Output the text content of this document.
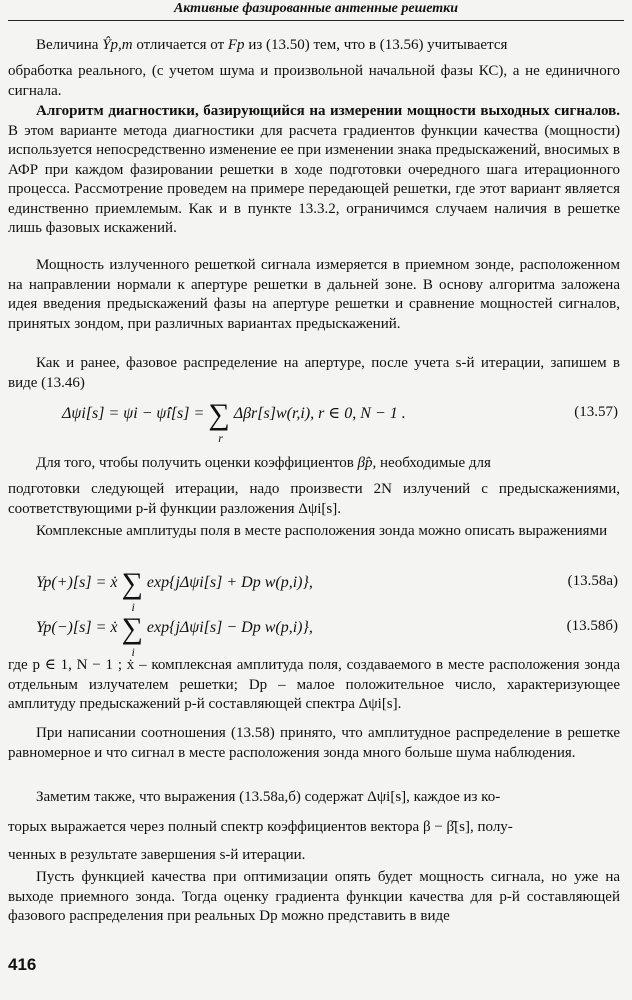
Активные фазированные антенные решетки
Величина Ŷp,m отличается от Fp из (13.50) тем, что в (13.56) учитывается
обработка реального, (с учетом шума и произвольной начальной фазы КС), а не единичного сигнала.
Алгоритм диагностики, базирующийся на измерении мощности выходных сигналов. В этом варианте метода диагностики для расчета градиентов функции качества (мощности) используется непосредственно изменение ее при изменении знака предыскажений, вносимых в АФР при каждом фазировании решетки в ходе подготовки очередного шага итерационного процесса. Рассмотрение проведем на примере передающей решетки, где этот вариант является единственно приемлемым. Как и в пункте 13.3.2, ограничимся случаем наличия в решетке лишь фазовых искажений.
Мощность излученного решеткой сигнала измеряется в приемном зонде, расположенном на направлении нормали к апертуре решетки в дальней зоне. В основу алгоритма заложена идея введения предыскажений фазы на апертуре решетки и сравнение мощностей сигналов, принятых зондом, при различных вариантах предыскажений.
Как и ранее, фазовое распределение на апертуре, после учета s-й итерации, запишем в виде (13.46)
Δψi[s] = ψi − ψ̂i[s] = ∑
r
Δβr[s]w(r,i), r ∈ 0, N − 1 .	(13.57)
Для того, чтобы получить оценки коэффициентов β̂p, необходимые для
подготовки следующей итерации, надо произвести 2N излучений с предыскажениями, соответствующими p-й функции разложения Δψi[s].
Комплексные амплитуды поля в месте расположения зонда можно описать выражениями
Yp(+)[s] = ẋ ∑
i
exp{jΔψi[s] + Dp w(p,i)},	(13.58a)
Yp(−)[s] = ẋ ∑
i
exp{jΔψi[s] − Dp w(p,i)},	(13.58б)
где p ∈ 1, N − 1 ; ẋ – комплексная амплитуда поля, создаваемого в месте расположения зонда отдельным излучателем решетки; Dp – малое положительное число, характеризующее амплитуду предыскажений p-й составляющей спектра Δψi[s].
При написании соотношения (13.58) принято, что амплитудное распределение в решетке равномерное и что сигнал в месте расположения зонда много больше шума наблюдения.
Заметим также, что выражения (13.58а,б) содержат Δψi[s], каждое из ко-
торых выражается через полный спектр коэффициентов вектора β − β̂[s], полу-
ченных в результате завершения s-й итерации.
Пусть функцией качества при оптимизации опять будет мощность сигнала, но уже на выходе приемного зонда. Тогда оценку градиента функции качества для p-й составляющей фазового распределения при реальных Dp можно представить в виде
416
